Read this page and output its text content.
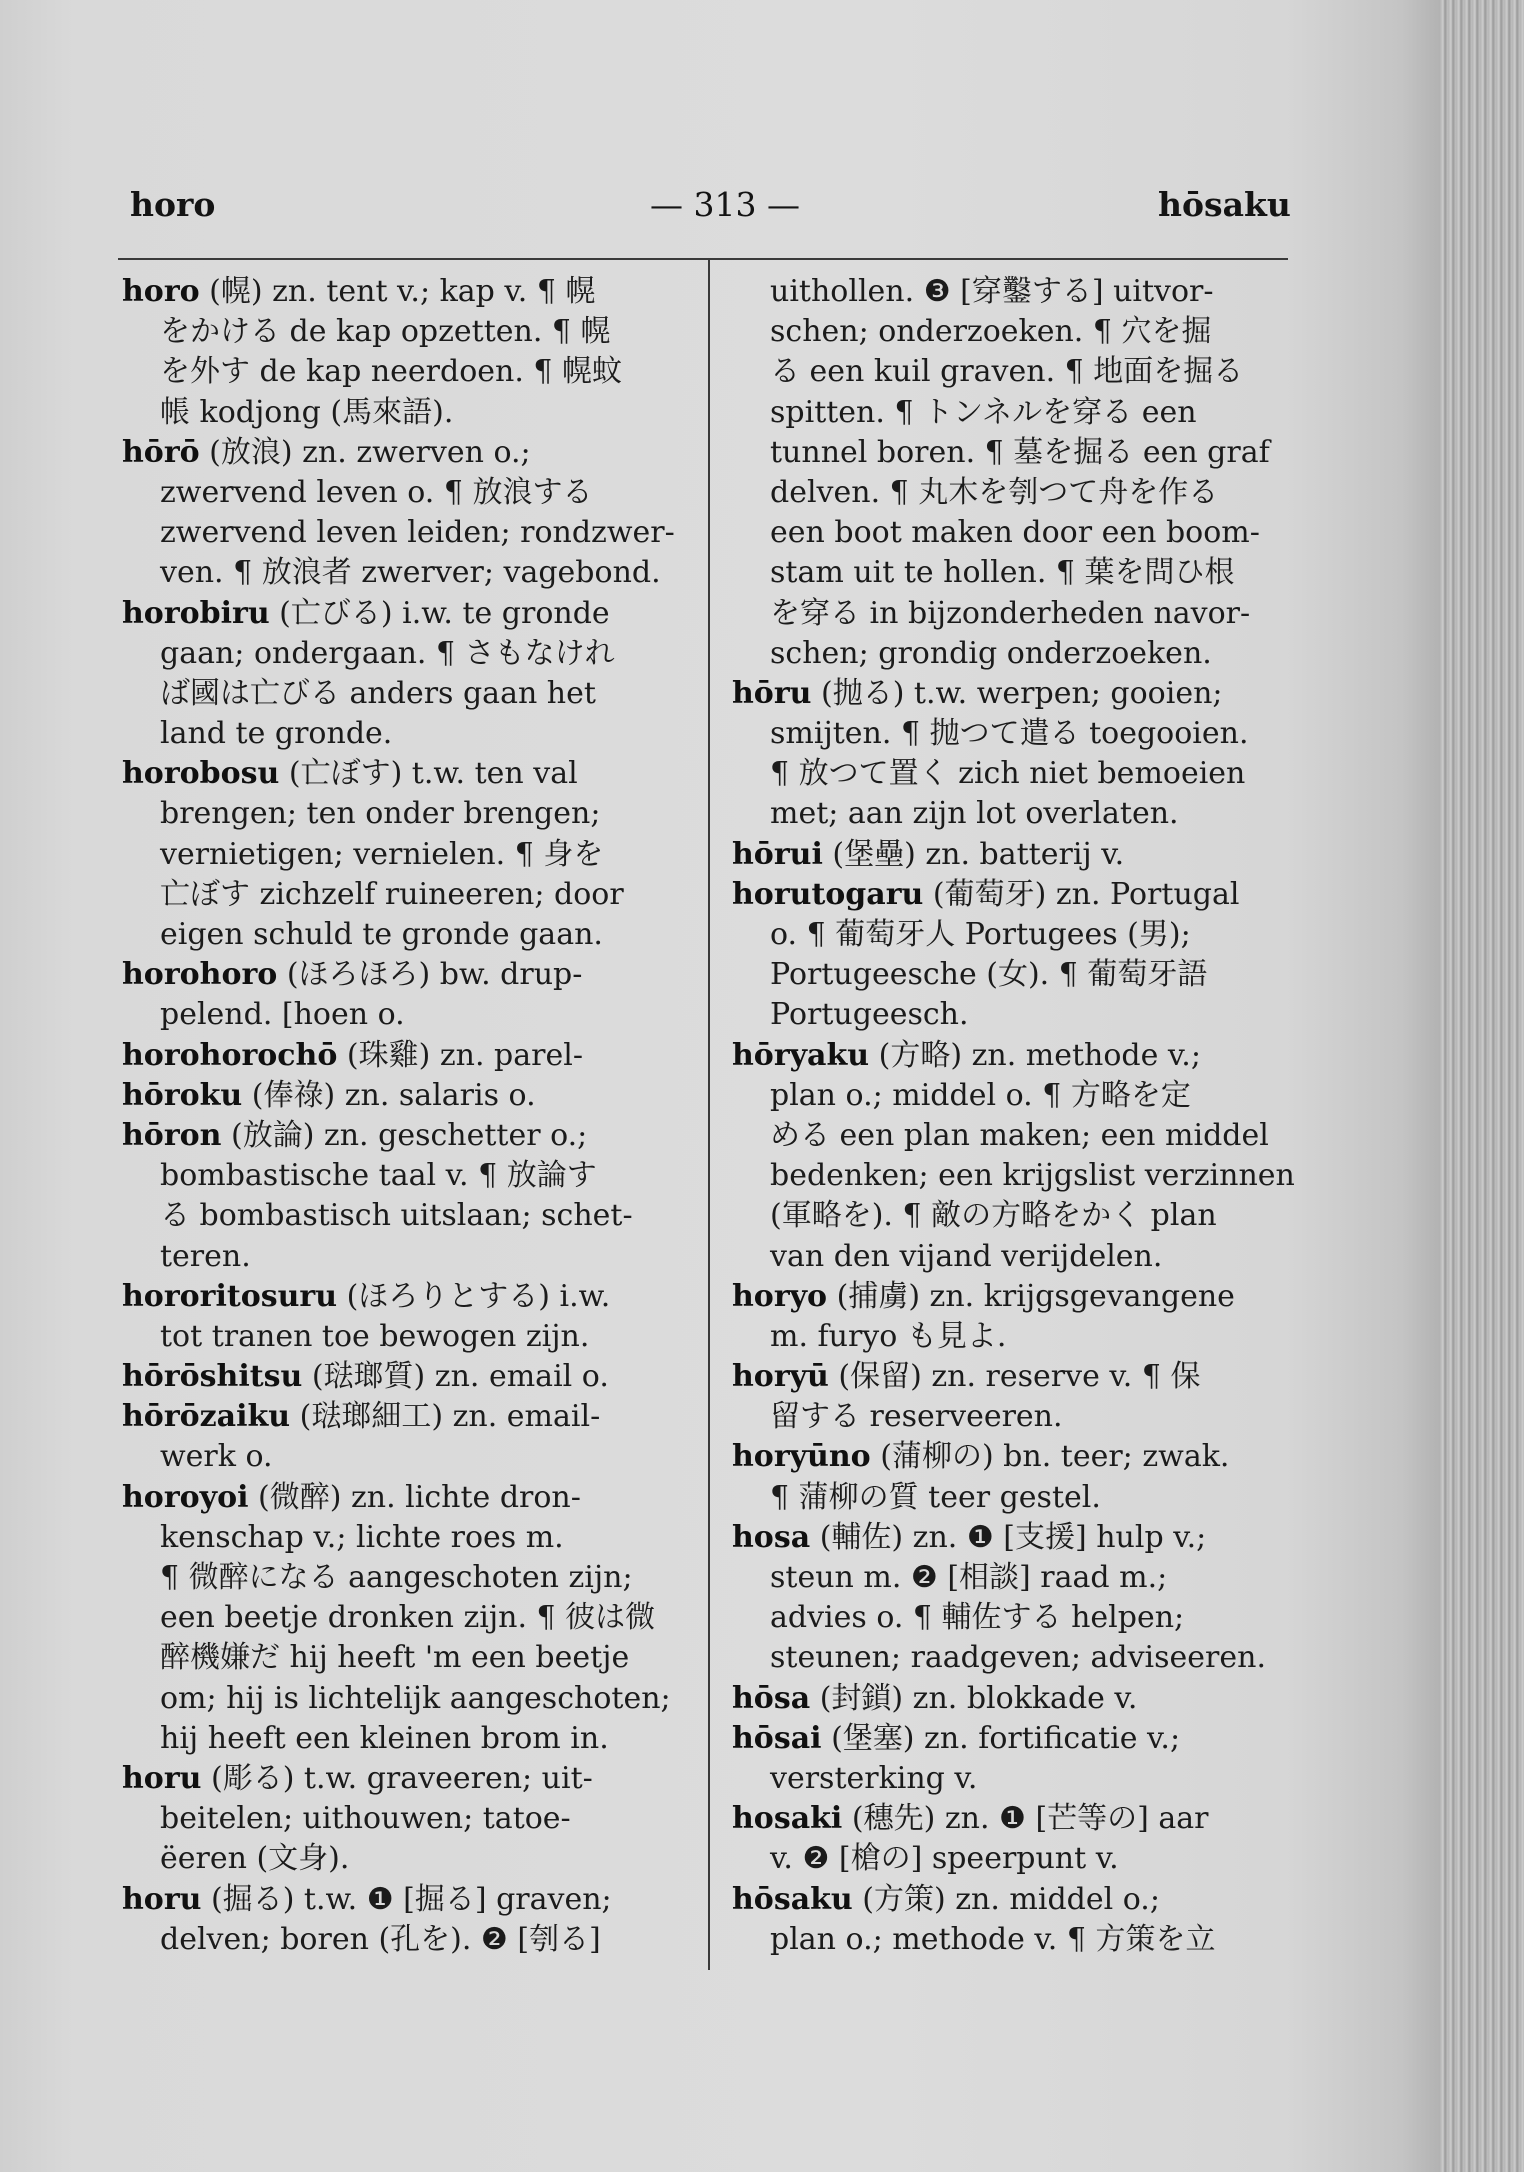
horo	— 313 —	hōsaku
horo (幌) zn. tent v.; kap v. ¶ 幌
をかける de kap opzetten. ¶ 幌
を外す de kap neerdoen. ¶ 幌蚊
帳 kodjong (馬來語).
hōrō (放浪) zn. zwerven o.;
zwervend leven o. ¶ 放浪する
zwervend leven leiden; rondzwer-
ven. ¶ 放浪者 zwerver; vagebond.
horobiru (亡びる) i.w. te gronde
gaan; ondergaan. ¶ さもなけれ
ば國は亡びる anders gaan het
land te gronde.
horobosu (亡ぼす) t.w. ten val
brengen; ten onder brengen;
vernietigen; vernielen. ¶ 身を
亡ぼす zichzelf ruineeren; door
eigen schuld te gronde gaan.
horohoro (ほろほろ) bw. drup-
pelend. [hoen o.
horohorochō (珠雞) zn. parel-
hōroku (俸祿) zn. salaris o.
hōron (放論) zn. geschetter o.;
bombastische taal v. ¶ 放論す
る bombastisch uitslaan; schet-
teren.
hororitosuru (ほろりとする) i.w.
tot tranen toe bewogen zijn.
hōrōshitsu (琺瑯質) zn. email o.
hōrōzaiku (琺瑯細工) zn. email-
werk o.
horoyoi (微醉) zn. lichte dron-
kenschap v.; lichte roes m.
¶ 微醉になる aangeschoten zijn;
een beetje dronken zijn. ¶ 彼は微
醉機嫌だ hij heeft 'm een beetje
om; hij is lichtelijk aangeschoten;
hij heeft een kleinen brom in.
horu (彫る) t.w. graveeren; uit-
beitelen; uithouwen; tatoe-
ëeren (文身).
horu (掘る) t.w. ❶ [掘る] graven;
delven; boren (孔を). ❷ [刳る]
uithollen. ❸ [穿鑿する] uitvor-
schen; onderzoeken. ¶ 穴を掘
る een kuil graven. ¶ 地面を掘る
spitten. ¶ トンネルを穿る een
tunnel boren. ¶ 墓を掘る een graf
delven. ¶ 丸木を刳つて舟を作る
een boot maken door een boom-
stam uit te hollen. ¶ 葉を問ひ根
を穿る in bijzonderheden navor-
schen; grondig onderzoeken.
hōru (抛る) t.w. werpen; gooien;
smijten. ¶ 抛つて遣る toegooien.
¶ 放つて置く zich niet bemoeien
met; aan zijn lot overlaten.
hōrui (堡壘) zn. batterij v.
horutogaru (葡萄牙) zn. Portugal
o. ¶ 葡萄牙人 Portugees (男);
Portugeesche (女). ¶ 葡萄牙語
Portugeesch.
hōryaku (方略) zn. methode v.;
plan o.; middel o. ¶ 方略を定
める een plan maken; een middel
bedenken; een krijgslist verzinnen
(軍略を). ¶ 敵の方略をかく plan
van den vijand verijdelen.
horyo (捕虜) zn. krijgsgevangene
m. furyo も見よ.
horyū (保留) zn. reserve v. ¶ 保
留する reserveeren.
horyūno (蒲柳の) bn. teer; zwak.
¶ 蒲柳の質 teer gestel.
hosa (輔佐) zn. ❶ [支援] hulp v.;
steun m. ❷ [相談] raad m.;
advies o. ¶ 輔佐する helpen;
steunen; raadgeven; adviseeren.
hōsa (封鎖) zn. blokkade v.
hōsai (堡塞) zn. fortificatie v.;
versterking v.
hosaki (穗先) zn. ❶ [芒等の] aar
v. ❷ [槍の] speerpunt v.
hōsaku (方策) zn. middel o.;
plan o.; methode v. ¶ 方策を立
